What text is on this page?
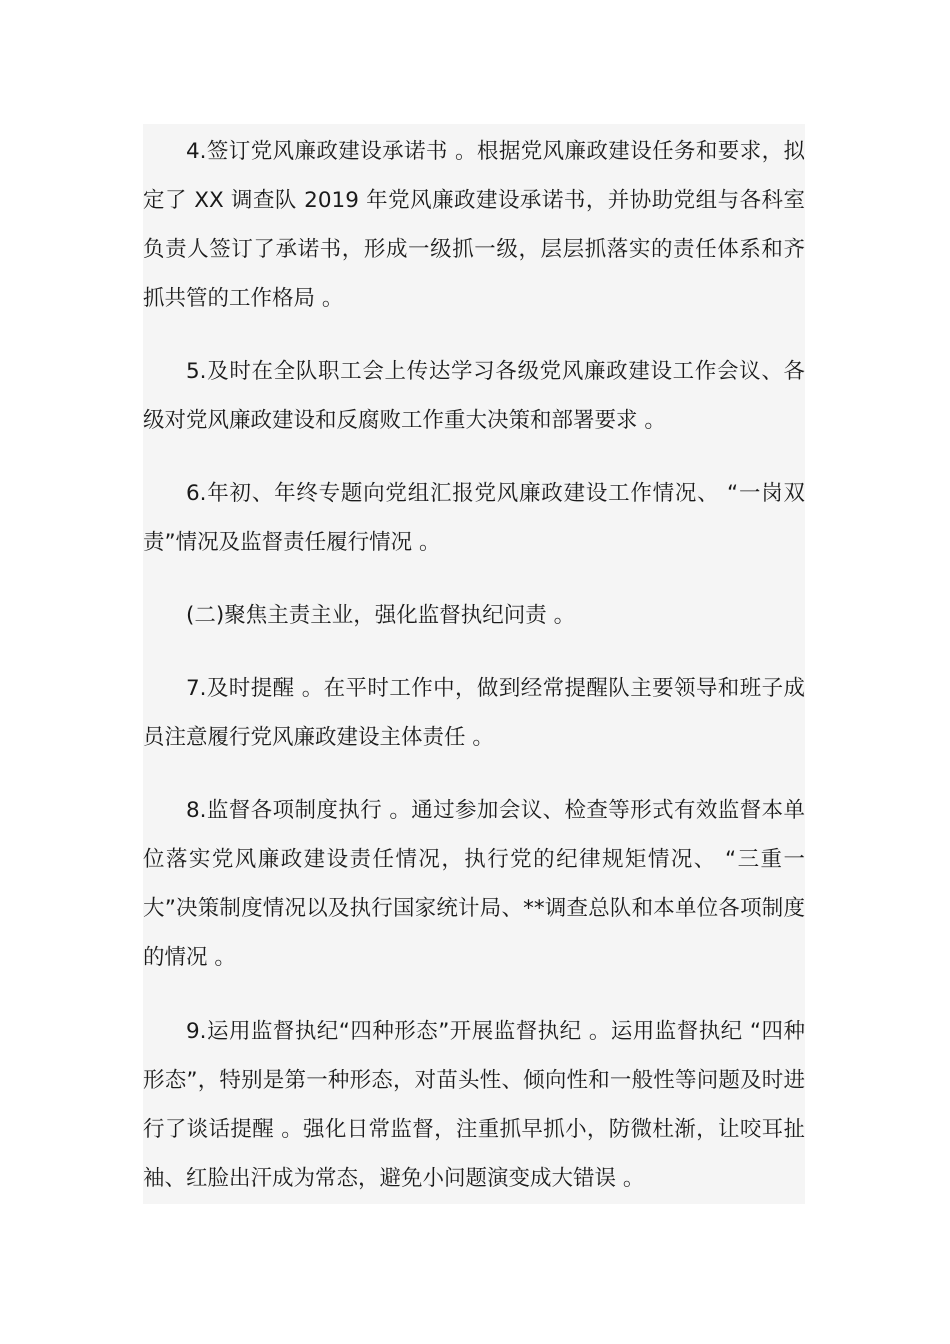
4.签订党风廉政建设承诺书 。根据党风廉政建设任务和要求，拟定了 XX 调查队 2019 年党风廉政建设承诺书，并协助党组与各科室负责人签订了承诺书，形成一级抓一级，层层抓落实的责任体系和齐抓共管的工作格局 。
5.及时在全队职工会上传达学习各级党风廉政建设工作会议、各级对党风廉政建设和反腐败工作重大决策和部署要求 。
6.年初、年终专题向党组汇报党风廉政建设工作情况、 “一岗双责”情况及监督责任履行情况 。
(二)聚焦主责主业，强化监督执纪问责 。
7.及时提醒 。在平时工作中，做到经常提醒队主要领导和班子成员注意履行党风廉政建设主体责任 。
8.监督各项制度执行 。通过参加会议、检查等形式有效监督本单位落实党风廉政建设责任情况，执行党的纪律规矩情况、 “三重一大”决策制度情况以及执行国家统计局、**调查总队和本单位各项制度的情况 。
9.运用监督执纪“四种形态”开展监督执纪 。运用监督执纪 “四种形态”，特别是第一种形态，对苗头性、倾向性和一般性等问题及时进行了谈话提醒 。强化日常监督，注重抓早抓小，防微杜渐，让咬耳扯袖、红脸出汗成为常态，避免小问题演变成大错误 。
